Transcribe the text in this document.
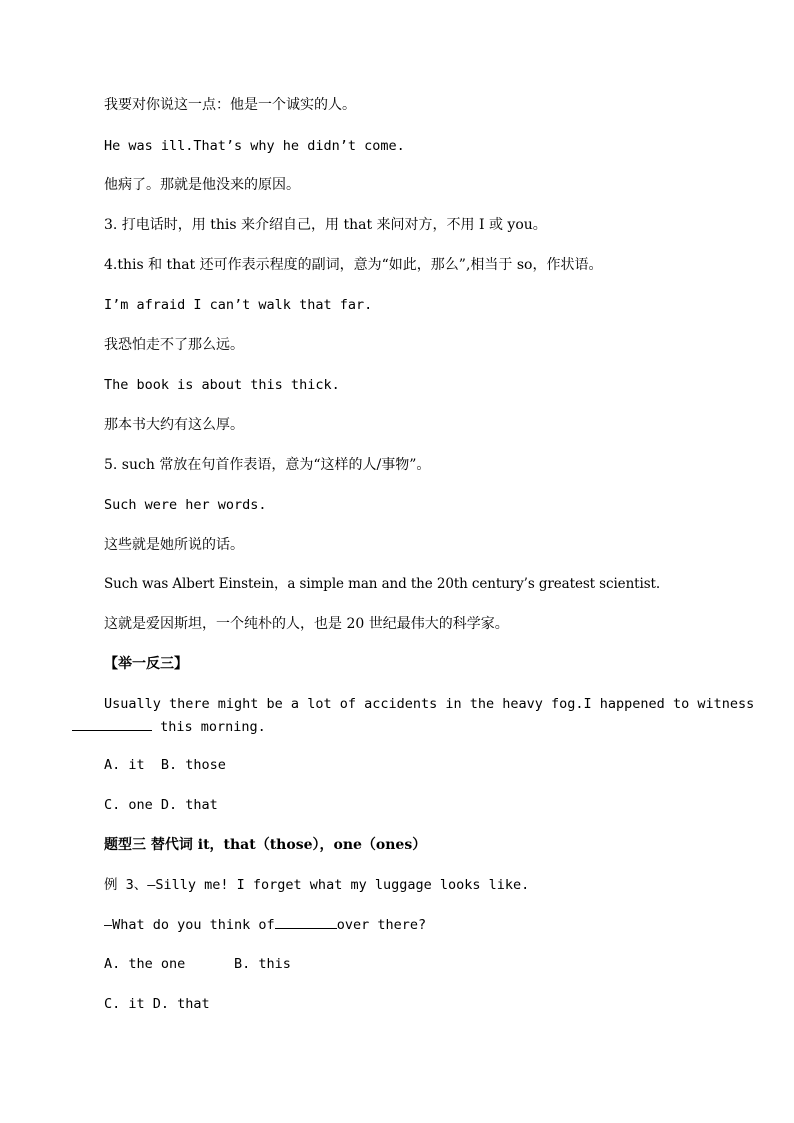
我要对你说这一点：他是一个诚实的人。
He was ill.That’s why he didn’t come.
他病了。那就是他没来的原因。
3. 打电话时，用 this 来介绍自己，用 that 来问对方，不用 I 或 you。
4.this 和 that 还可作表示程度的副词，意为“如此，那么”,相当于 so，作状语。
I’m afraid I can’t walk that far.
我恐怕走不了那么远。
The book is about this thick.
那本书大约有这么厚。
5. such 常放在句首作表语，意为“这样的人/事物”。
Such were her words.
这些就是她所说的话。
Such was Albert Einstein，a simple man and the 20th century’s greatest scientist.
这就是爱因斯坦，一个纯朴的人，也是 20 世纪最伟大的科学家。
【举一反三】
Usually there might be a lot of accidents in the heavy fog.I happened to witness
this morning.
A. it  B. those
C. one D. that
题型三 替代词 it，that（those），one（ones）
例 3、—Silly me! I forget what my luggage looks like.
—What do you think of	over there?
A. the one      B. this
C. it D. that
